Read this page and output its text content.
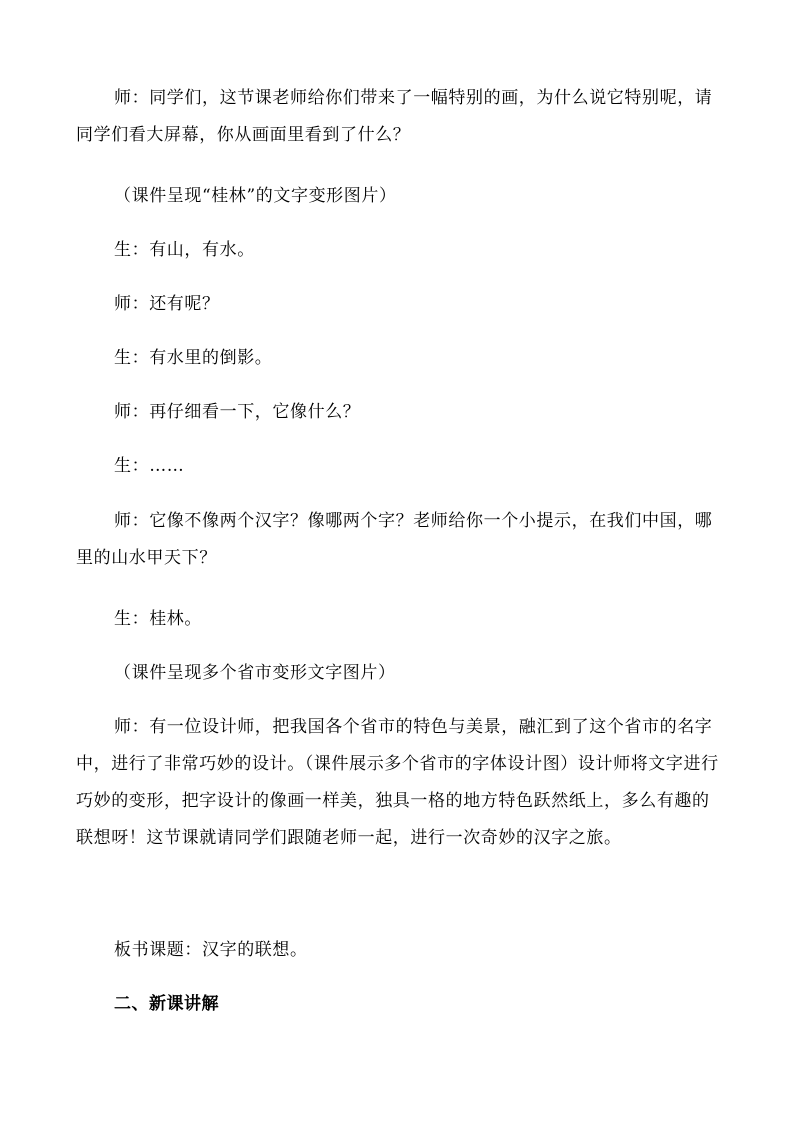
师：同学们，这节课老师给你们带来了一幅特别的画，为什么说它特别呢，请同学们看大屏幕，你从画面里看到了什么？

（课件呈现“桂林”的文字变形图片）

生：有山，有水。

师：还有呢？

生：有水里的倒影。

师：再仔细看一下，它像什么？

生：……

师：它像不像两个汉字？像哪两个字？老师给你一个小提示，在我们中国，哪里的山水甲天下？

生：桂林。

（课件呈现多个省市变形文字图片）

师：有一位设计师，把我国各个省市的特色与美景，融汇到了这个省市的名字中，进行了非常巧妙的设计。（课件展示多个省市的字体设计图）设计师将文字进行巧妙的变形，把字设计的像画一样美，独具一格的地方特色跃然纸上，多么有趣的联想呀！这节课就请同学们跟随老师一起，进行一次奇妙的汉字之旅。

板书课题：汉字的联想。

二、新课讲解
